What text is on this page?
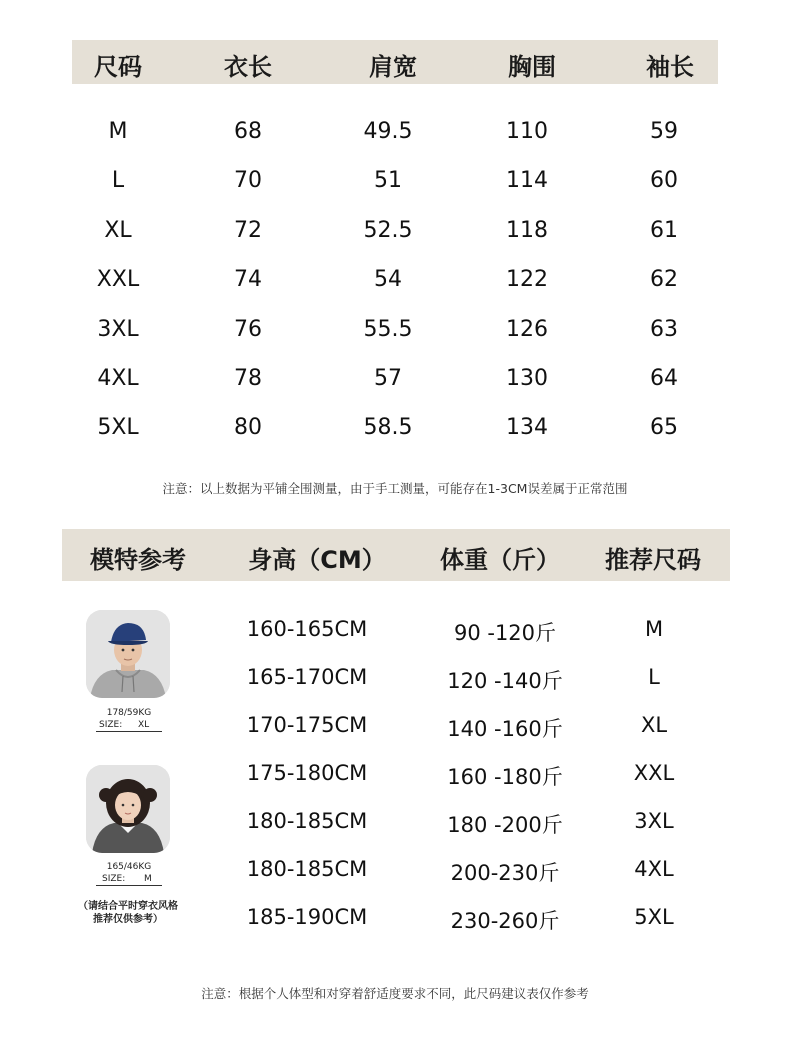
尺码	衣长	肩宽	胸围	袖长
M	68	49.5	110	59
L	70	51	114	60
XL	72	52.5	118	61
XXL	74	54	122	62
3XL	76	55.5	126	63
4XL	78	57	130	64
5XL	80	58.5	134	65
注意：以上数据为平铺全围测量，由于手工测量，可能存在1-3CM误差属于正常范围
模特参考	身高（CM）	体重（斤）	推荐尺码
160-165CM	90 -120斤	M
165-170CM	120 -140斤	L
170-175CM	140 -160斤	XL
175-180CM	160 -180斤	XXL
180-185CM	180 -200斤	3XL
180-185CM	200-230斤	4XL
185-190CM	230-260斤	5XL
178/59KG
SIZE: XL
165/46KG
SIZE: M
（请结合平时穿衣风格
推荐仅供参考）
注意：根据个人体型和对穿着舒适度要求不同，此尺码建议表仅作参考
